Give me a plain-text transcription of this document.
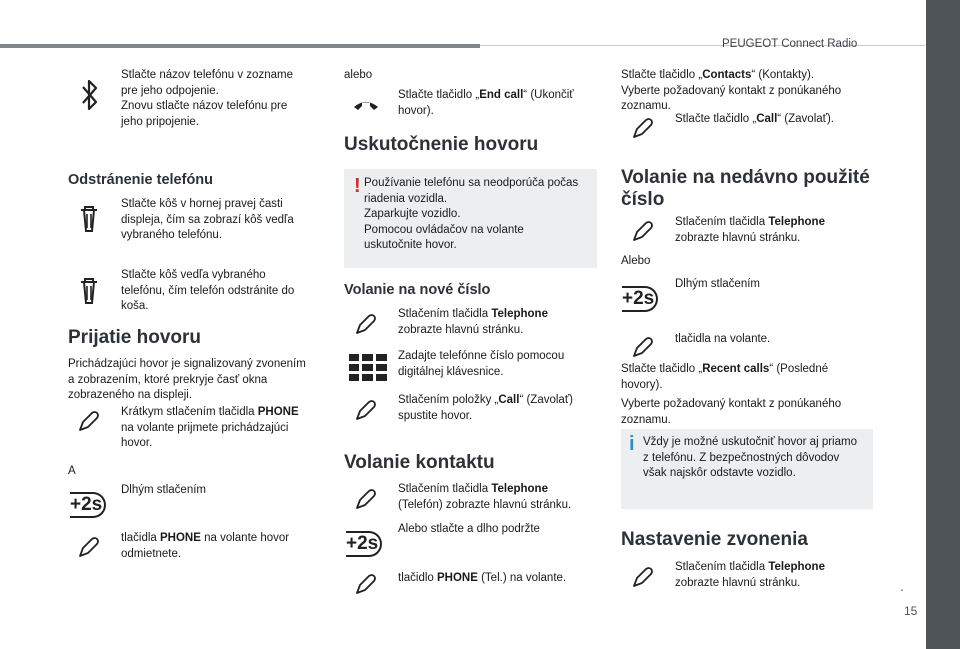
PEUGEOT Connect Radio
.
15
Stlačte názov telefónu v zozname
pre jeho odpojenie.
Znovu stlačte názov telefónu pre
jeho pripojenie.
Odstránenie telefónu
Stlačte kôš v hornej pravej časti
displeja, čím sa zobrazí kôš vedľa
vybraného telefónu.
Stlačte kôš vedľa vybraného
telefónu, čím telefón odstránite do
koša.
Prijatie hovoru
Prichádzajúci hovor je signalizovaný zvonením
a zobrazením, ktoré prekryje časť okna
zobrazeného na displeji.
Krátkym stlačením tlačidla PHONE
na volante prijmete prichádzajúci
hovor.
A
+2s
Dlhým stlačením
tlačidla PHONE na volante hovor
odmietnete.
alebo
Stlačte tlačidlo „End call“ (Ukončiť
hovor).
Uskutočnenie hovoru
! Používanie telefónu sa neodporúča počas
riadenia vozidla.
Zaparkujte vozidlo.
Pomocou ovládačov na volante
uskutočnite hovor.
Volanie na nové číslo
Stlačením tlačidla Telephone
zobrazte hlavnú stránku.
Zadajte telefónne číslo pomocou
digitálnej klávesnice.
Stlačením položky „Call“ (Zavolať)
spustite hovor.
Volanie kontaktu
Stlačením tlačidla Telephone
(Telefón) zobrazte hlavnú stránku.
+2s
Alebo stlačte a dlho podržte
tlačidlo PHONE (Tel.) na volante.
Stlačte tlačidlo „Contacts“ (Kontakty).
Vyberte požadovaný kontakt z ponúkaného
zoznamu.
Stlačte tlačidlo „Call“ (Zavolať).
Volanie na nedávno použité
číslo
Stlačením tlačidla Telephone
zobrazte hlavnú stránku.
Alebo
+2s
Dlhým stlačením
tlačidla na volante.
Stlačte tlačidlo „Recent calls“ (Posledné
hovory).
Vyberte požadovaný kontakt z ponúkaného
zoznamu.
i Vždy je možné uskutočniť hovor aj priamo
z telefónu. Z bezpečnostných dôvodov
však najskôr odstavte vozidlo.
Nastavenie zvonenia
Stlačením tlačidla Telephone
zobrazte hlavnú stránku.
